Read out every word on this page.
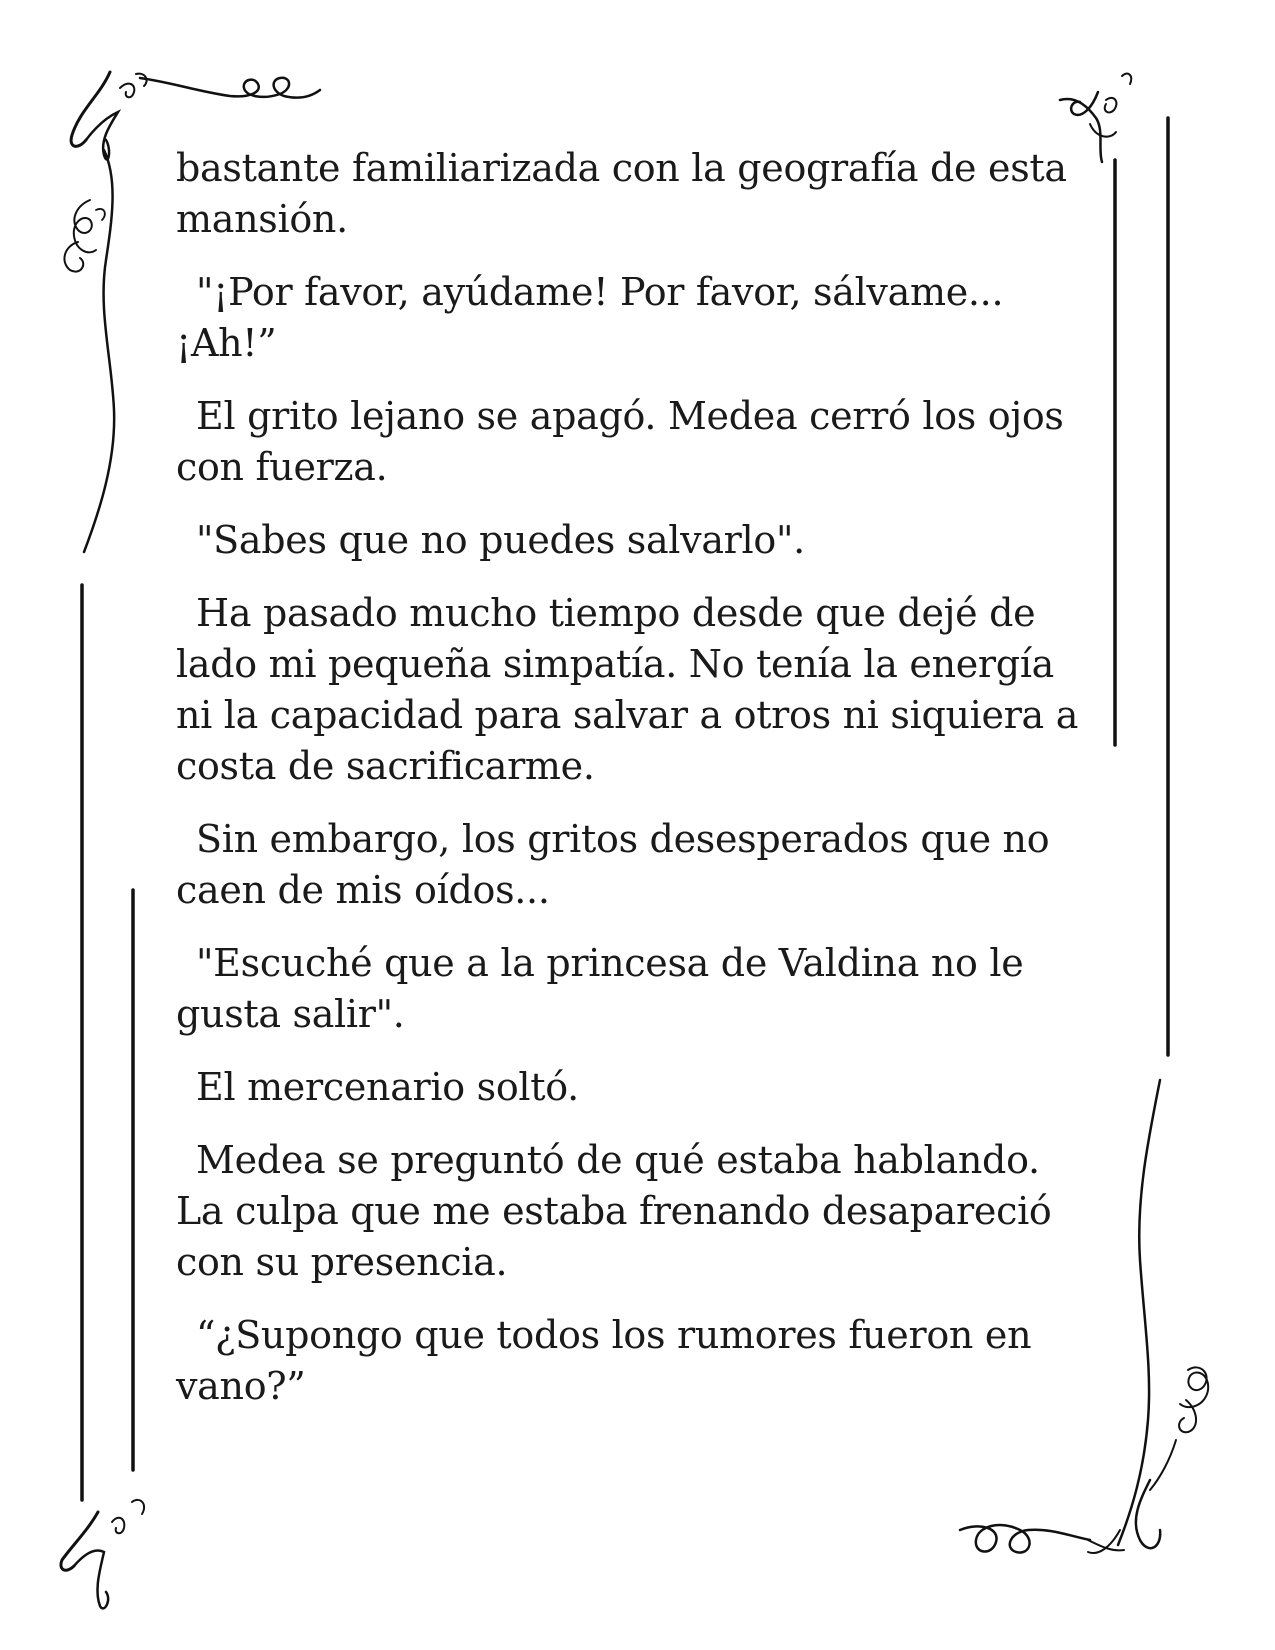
bastante familiarizada con la geografía de esta mansión.

"¡Por favor, ayúdame! Por favor, sálvame... ¡Ah!”

El grito lejano se apagó. Medea cerró los ojos con fuerza.

"Sabes que no puedes salvarlo".

Ha pasado mucho tiempo desde que dejé de lado mi pequeña simpatía. No tenía la energía ni la capacidad para salvar a otros ni siquiera a costa de sacrificarme.

Sin embargo, los gritos desesperados que no caen de mis oídos...

"Escuché que a la princesa de Valdina no le gusta salir".

El mercenario soltó.

Medea se preguntó de qué estaba hablando. La culpa que me estaba frenando desapareció con su presencia.

“¿Supongo que todos los rumores fueron en vano?”
